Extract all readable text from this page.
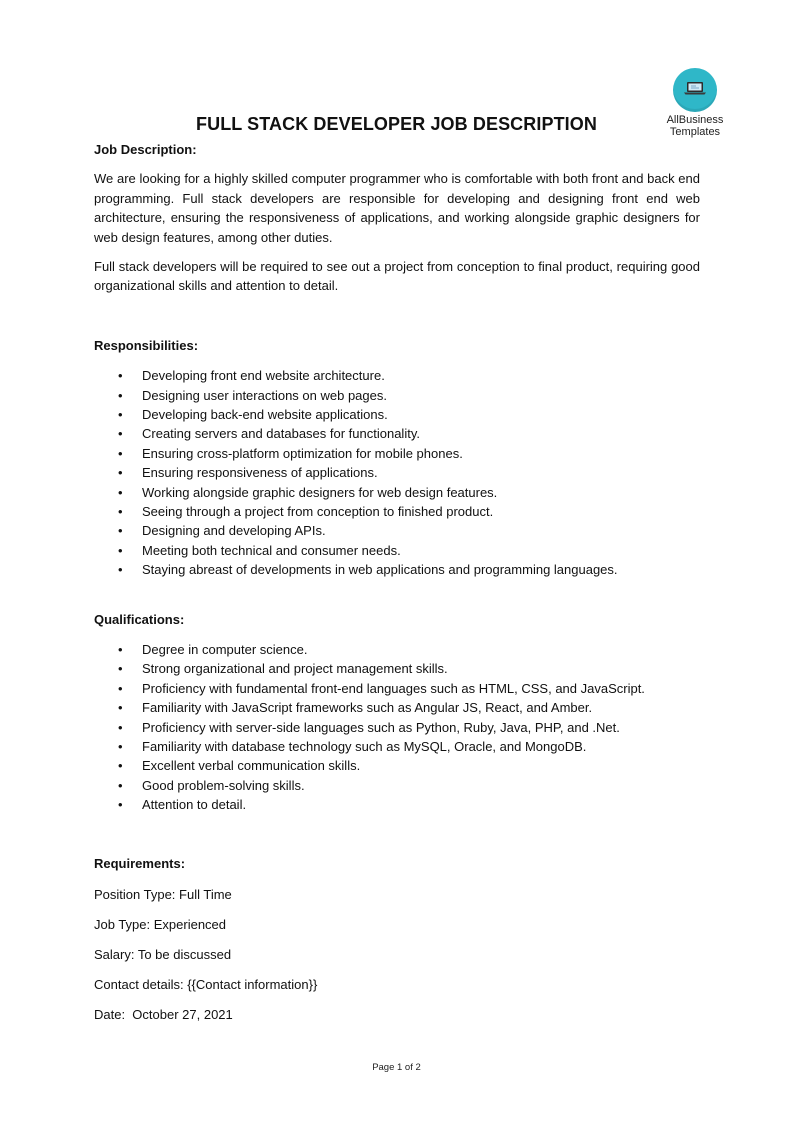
AllBusiness
Templates
FULL STACK DEVELOPER JOB DESCRIPTION

Job Description:

We are looking for a highly skilled computer programmer who is comfortable with both front and back end programming. Full stack developers are responsible for developing and designing front end web architecture, ensuring the responsiveness of applications, and working alongside graphic designers for web design features, among other duties.

Full stack developers will be required to see out a project from conception to final product, requiring good organizational skills and attention to detail.

Responsibilities:

• Developing front end website architecture.
• Designing user interactions on web pages.
• Developing back-end website applications.
• Creating servers and databases for functionality.
• Ensuring cross-platform optimization for mobile phones.
• Ensuring responsiveness of applications.
• Working alongside graphic designers for web design features.
• Seeing through a project from conception to finished product.
• Designing and developing APIs.
• Meeting both technical and consumer needs.
• Staying abreast of developments in web applications and programming languages.

Qualifications:

• Degree in computer science.
• Strong organizational and project management skills.
• Proficiency with fundamental front-end languages such as HTML, CSS, and JavaScript.
• Familiarity with JavaScript frameworks such as Angular JS, React, and Amber.
• Proficiency with server-side languages such as Python, Ruby, Java, PHP, and .Net.
• Familiarity with database technology such as MySQL, Oracle, and MongoDB.
• Excellent verbal communication skills.
• Good problem-solving skills.
• Attention to detail.

Requirements:

Position Type: Full Time

Job Type: Experienced

Salary: To be discussed

Contact details: {{Contact information}}

Date:  October 27, 2021

Page 1 of 2
